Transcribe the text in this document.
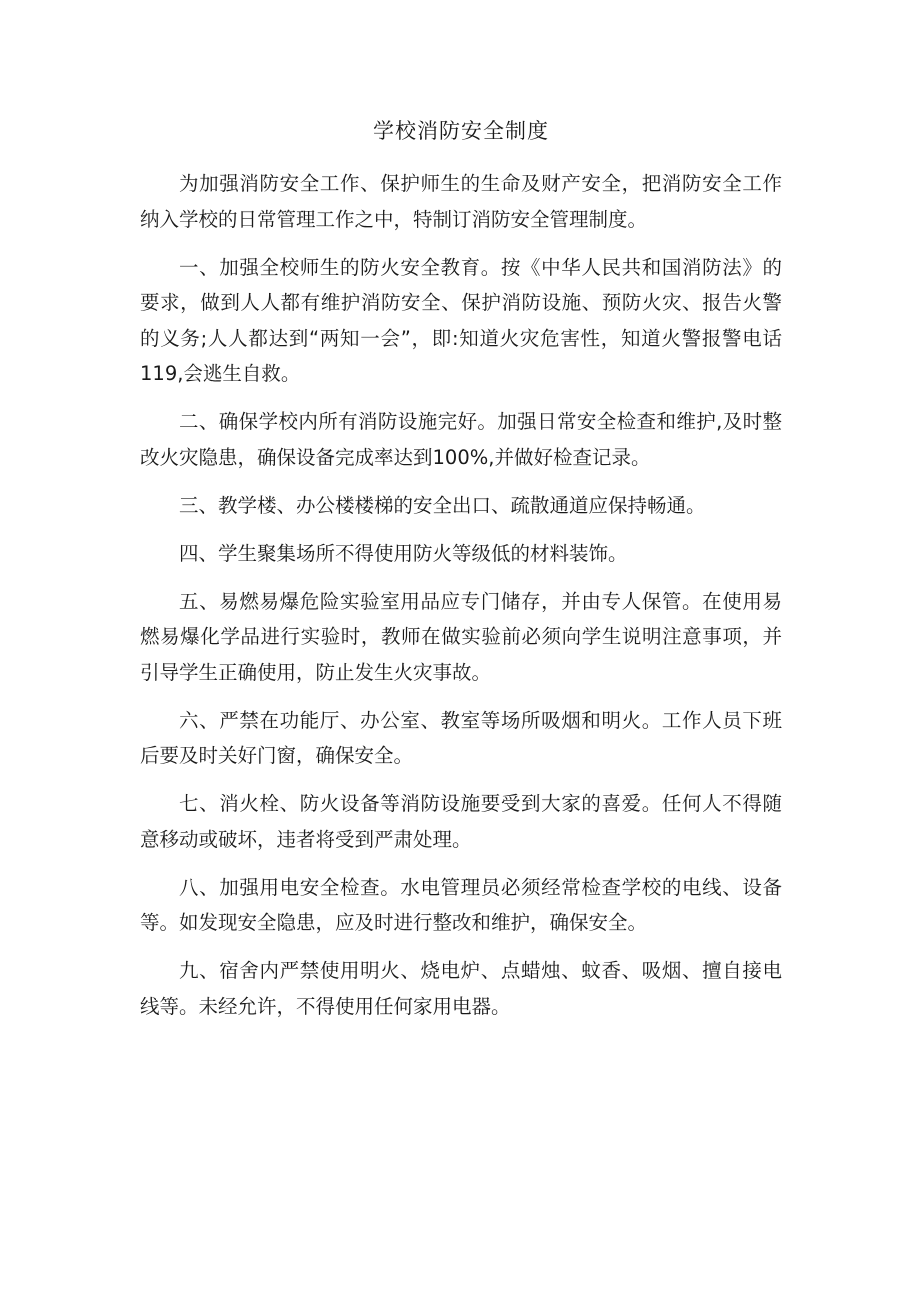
学校消防安全制度

为加强消防安全工作、保护师生的生命及财产安全，把消防安全工作纳入学校的日常管理工作之中，特制订消防安全管理制度。

一、加强全校师生的防火安全教育。按《中华人民共和国消防法》的要求，做到人人都有维护消防安全、保护消防设施、预防火灾、报告火警的义务;人人都达到“两知一会”，即:知道火灾危害性，知道火警报警电话119,会逃生自救。

二、确保学校内所有消防设施完好。加强日常安全检查和维护,及时整改火灾隐患，确保设备完成率达到100%,并做好检查记录。

三、教学楼、办公楼楼梯的安全出口、疏散通道应保持畅通。

四、学生聚集场所不得使用防火等级低的材料装饰。

五、易燃易爆危险实验室用品应专门储存，并由专人保管。在使用易燃易爆化学品进行实验时，教师在做实验前必须向学生说明注意事项，并引导学生正确使用，防止发生火灾事故。

六、严禁在功能厅、办公室、教室等场所吸烟和明火。工作人员下班后要及时关好门窗，确保安全。

七、消火栓、防火设备等消防设施要受到大家的喜爱。任何人不得随意移动或破坏，违者将受到严肃处理。

八、加强用电安全检查。水电管理员必须经常检查学校的电线、设备等。如发现安全隐患，应及时进行整改和维护，确保安全。

九、宿舍内严禁使用明火、烧电炉、点蜡烛、蚊香、吸烟、擅自接电线等。未经允许，不得使用任何家用电器。
